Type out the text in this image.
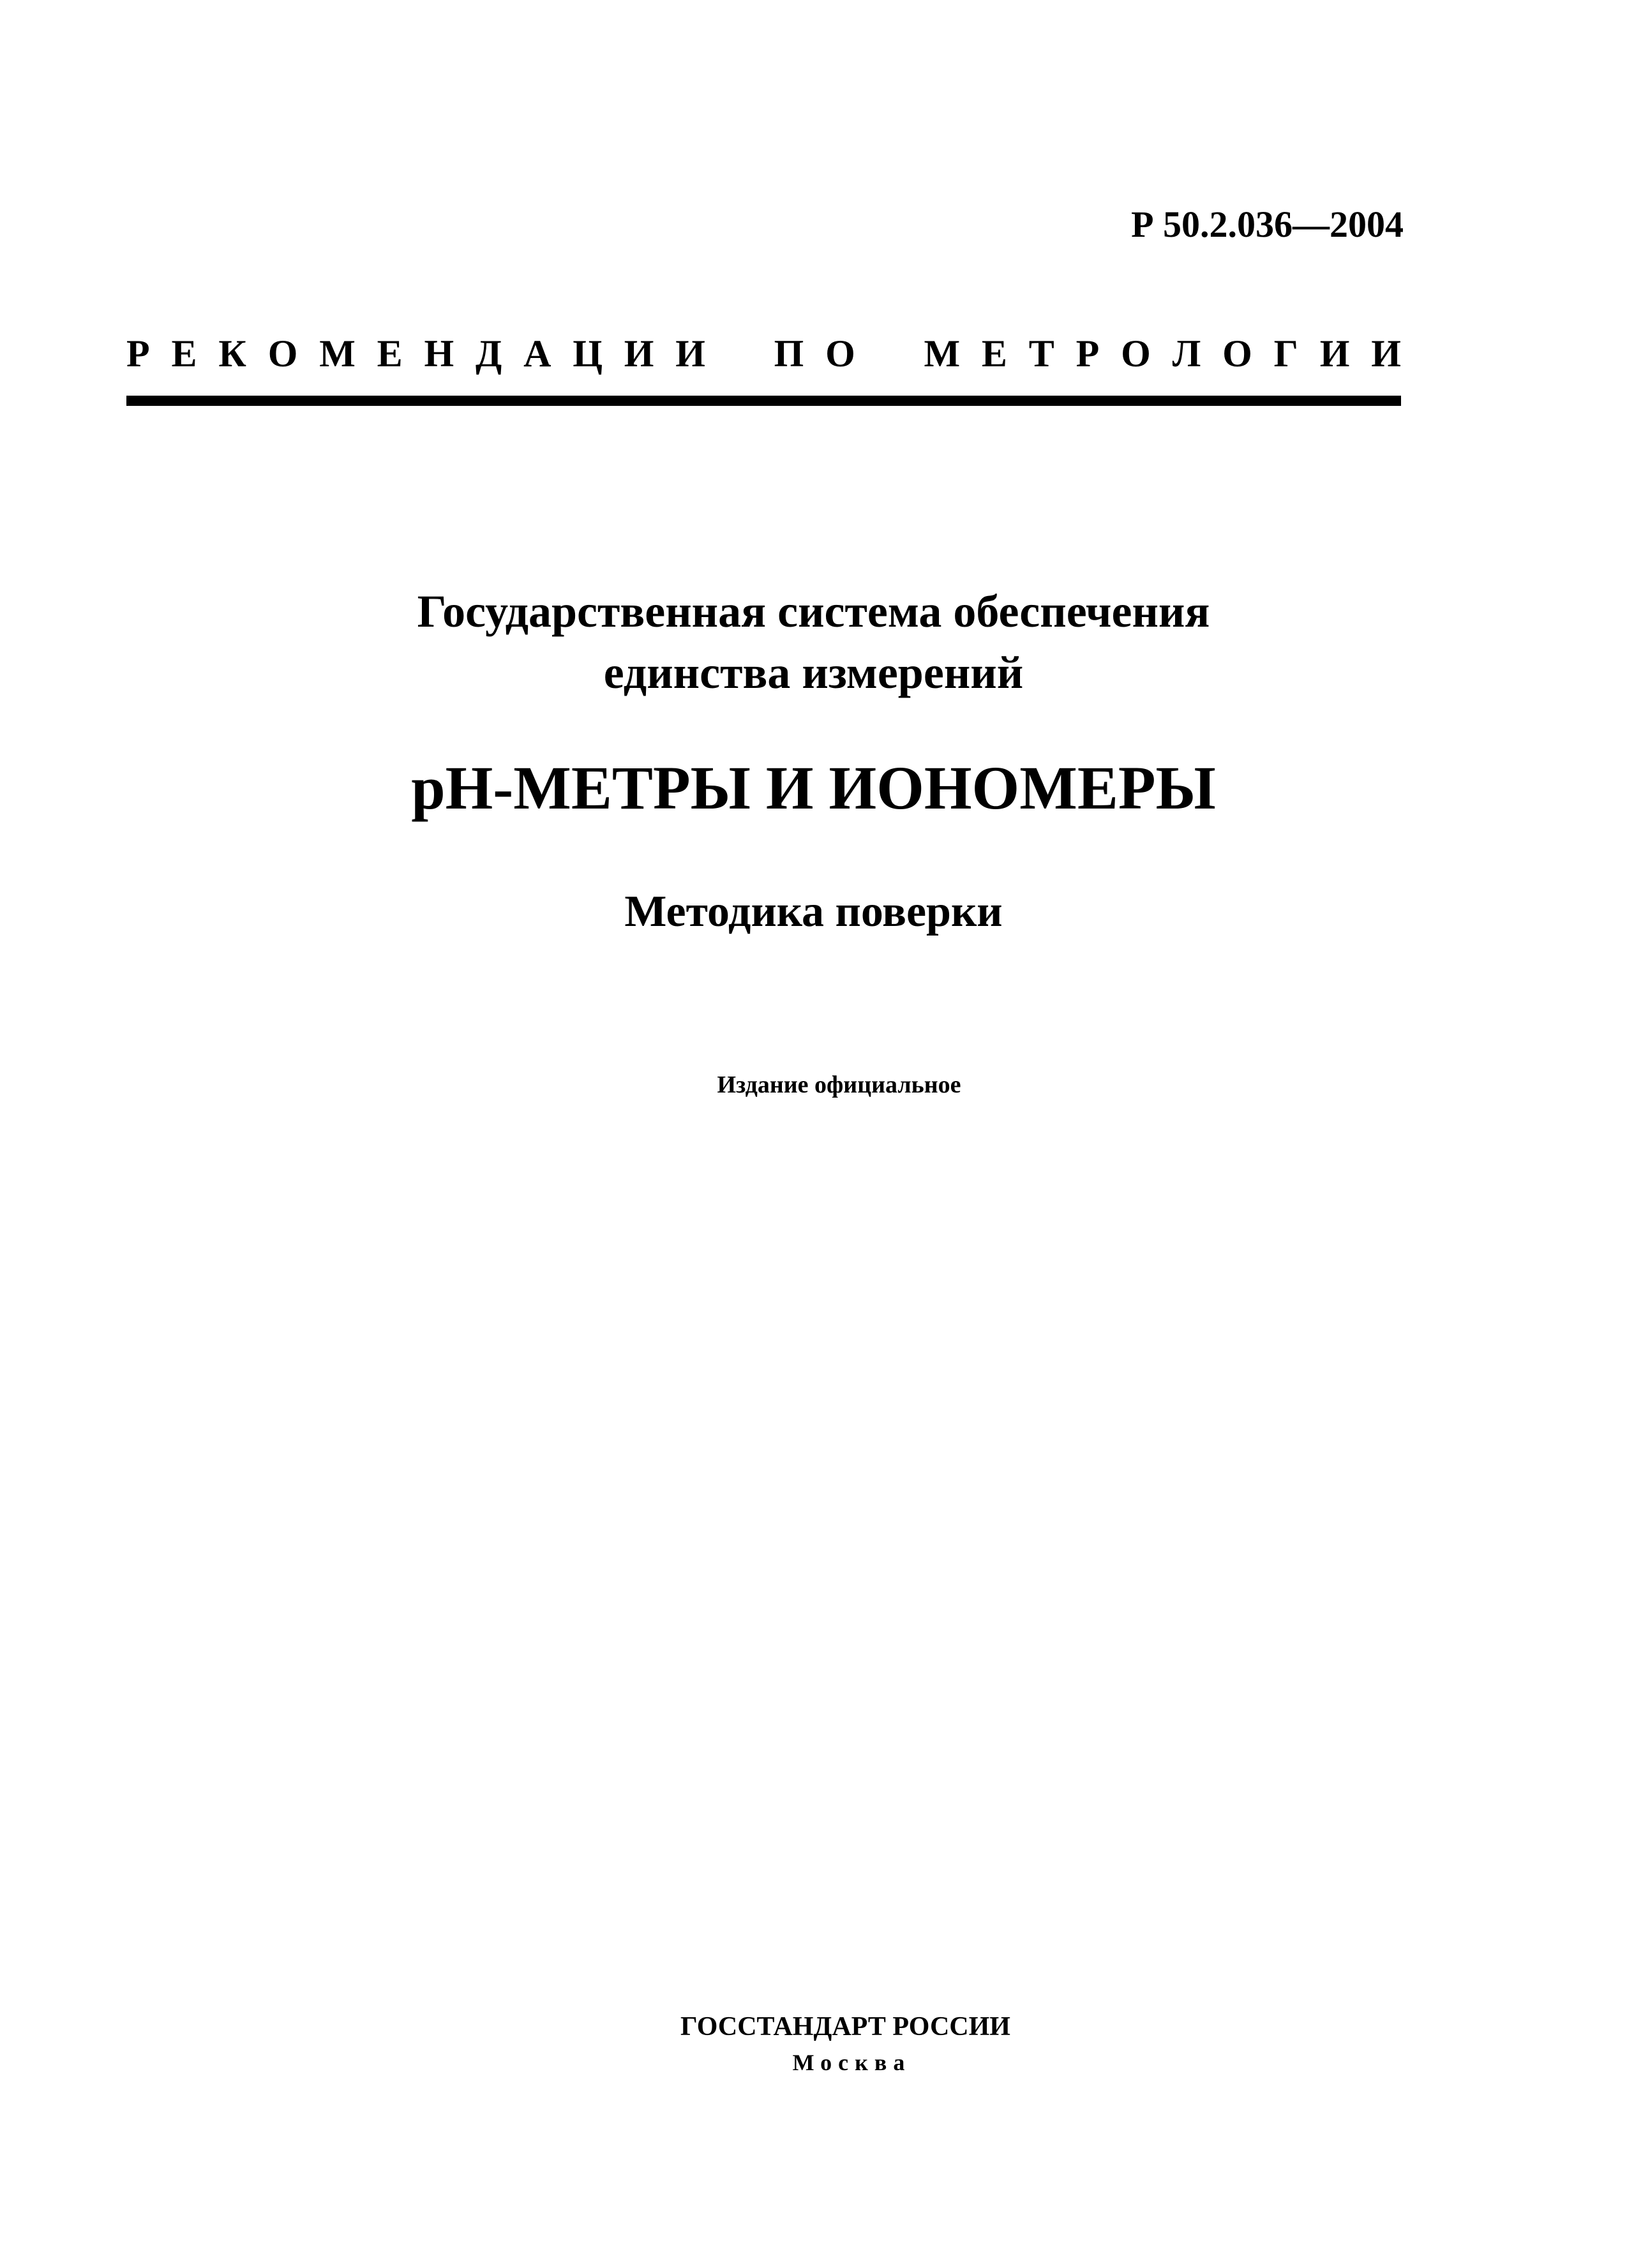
Р 50.2.036—2004
Р Е К О М Е Н Д А Ц И И П О М Е Т Р О Л О Г И И
Государственная система обеспечения
единства измерений
рН-МЕТРЫ И ИОНОМЕРЫ
Методика поверки
Издание официальное
ГОССТАНДАРТ РОССИИ
Москва
